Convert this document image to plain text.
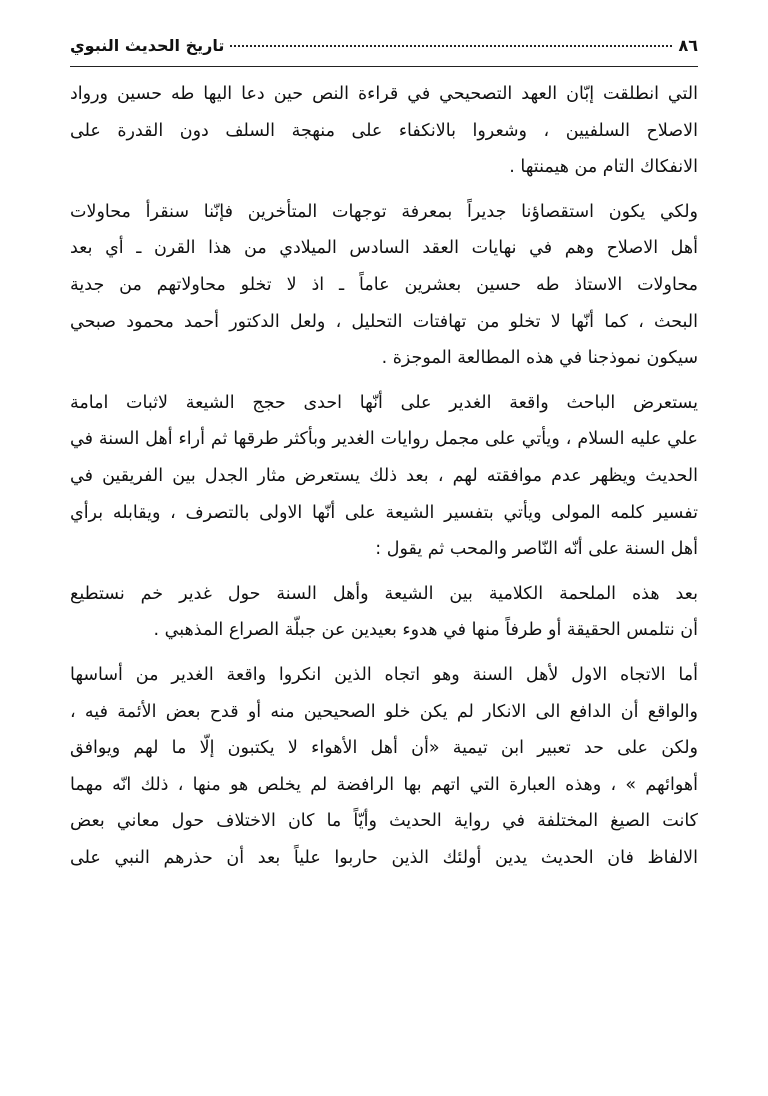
٨٦
تاريخ الحديث النبوي
التي انطلقت إبّان العهد التصحيحي في قراءة النص حين دعا اليها طه حسين ورواد
الاصلاح السلفيين ، وشعروا بالانكفاء على منهجة السلف دون القدرة على
الانفكاك التام من هيمنتها .
ولكي يكون استقصاؤنا جديراً بمعرفة توجهات المتأخرين فإنّنا سنقرأ محاولات
أهل الاصلاح وهم في نهايات العقد السادس الميلادي من هذا القرن ـ أي بعد
محاولات الاستاذ طه حسين بعشرين عاماً ـ اذ لا تخلو محاولاتهم من جدية
البحث ، كما أنّها لا تخلو من تهافتات التحليل ، ولعل الدكتور أحمد محمود صبحي
سيكون نموذجنا في هذه المطالعة الموجزة .
يستعرض الباحث واقعة الغدير على أنّها احدى حجج الشيعة لاثبات امامة
علي عليه السلام ، ويأتي على مجمل روايات الغدير وبأكثر طرقها ثم أراء أهل السنة في
الحديث ويظهر عدم موافقته لهم ، بعد ذلك يستعرض مثار الجدل بين الفريقين في
تفسير كلمه المولى ويأتي بتفسير الشيعة على أنّها الاولى بالتصرف ، ويقابله برأي
أهل السنة على أنّه النّاصر والمحب ثم يقول :
بعد هذه الملحمة الكلامية بين الشيعة وأهل السنة حول غدير خم نستطيع
أن نتلمس الحقيقة أو طرفاً منها في هدوء بعيدين عن جبلّة الصراع المذهبي .
أما الاتجاه الاول لأهل السنة وهو اتجاه الذين انكروا واقعة الغدير من أساسها
والواقع أن الدافع الى الانكار لم يكن خلو الصحيحين منه أو قدح بعض الأئمة فيه ،
ولكن على حد تعبير ابن تيمية «أن أهل الأهواء لا يكتبون إلّا ما لهم ويوافق
أهوائهم » ، وهذه العبارة التي اتهم بها الرافضة لم يخلص هو منها ، ذلك انّه مهما
كانت الصيغ المختلفة في رواية الحديث وأيّاً ما كان الاختلاف حول معاني بعض
الالفاظ فان الحديث يدين أولئك الذين حاربوا علياً بعد أن حذرهم النبي على
